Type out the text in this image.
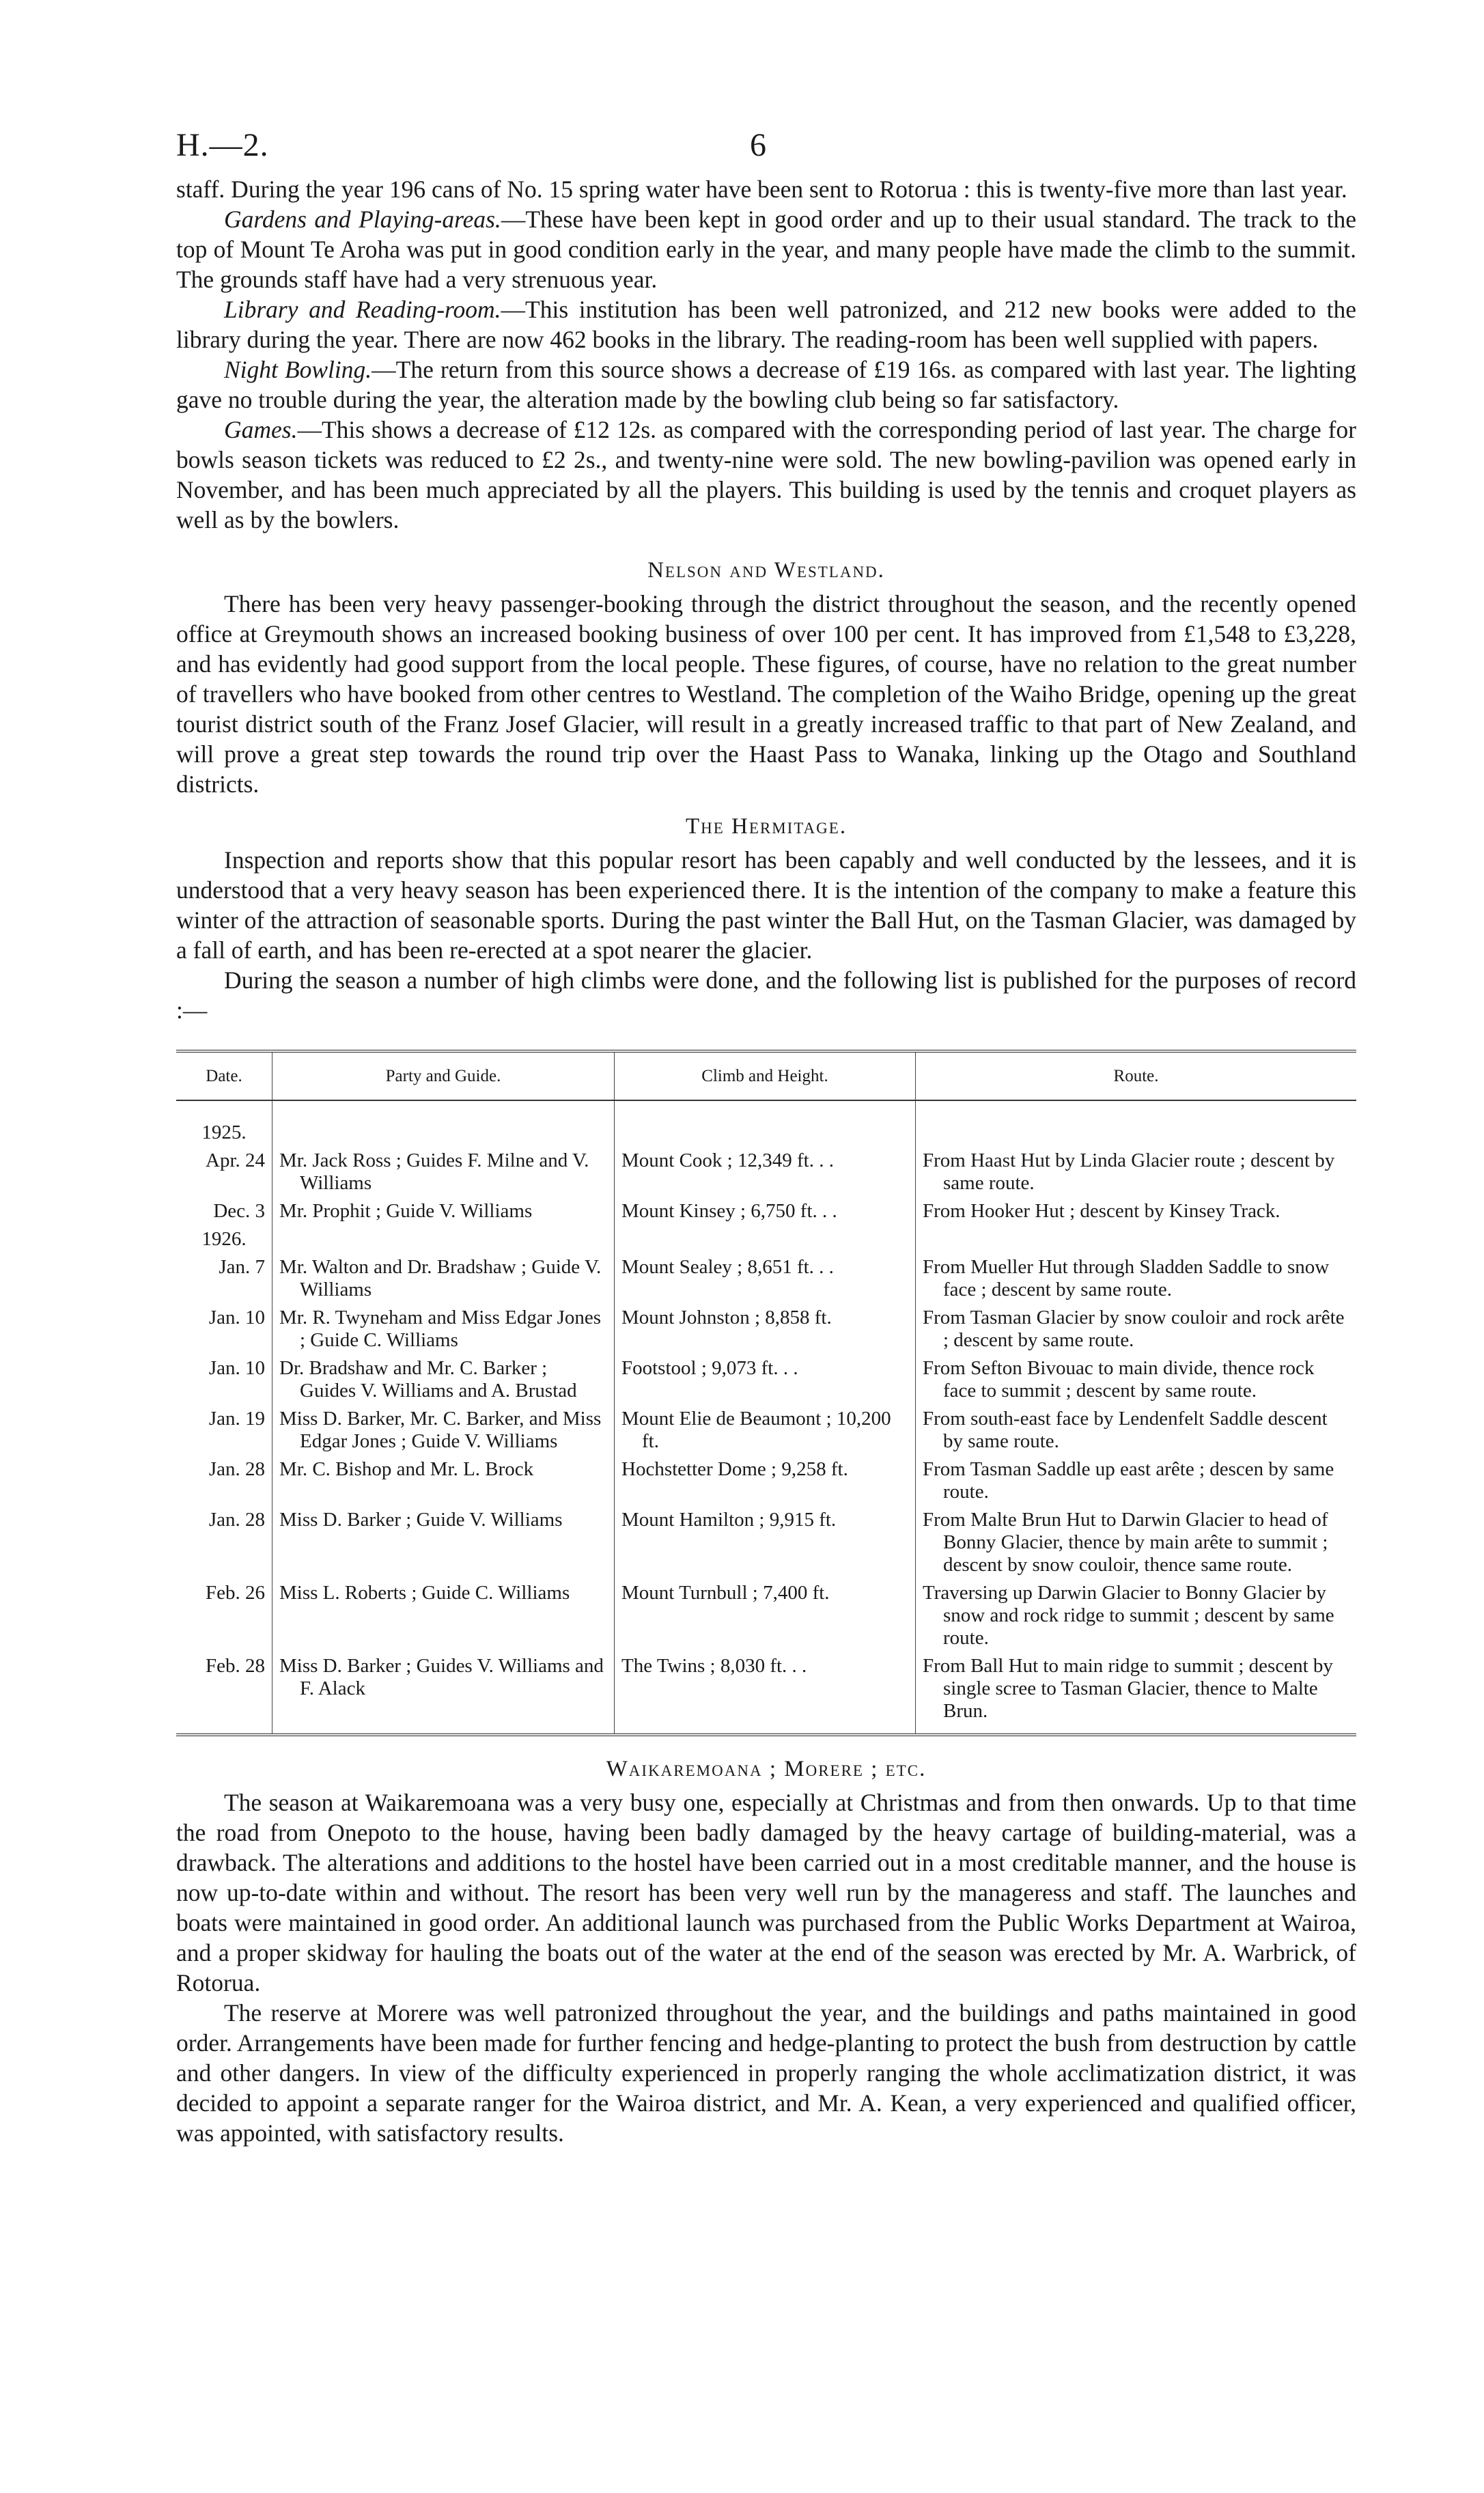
H.—2.	6

staff. During the year 196 cans of No. 15 spring water have been sent to Rotorua : this is twenty-five more than last year.

Gardens and Playing-areas.—These have been kept in good order and up to their usual standard. The track to the top of Mount Te Aroha was put in good condition early in the year, and many people have made the climb to the summit. The grounds staff have had a very strenuous year.

Library and Reading-room.—This institution has been well patronized, and 212 new books were added to the library during the year. There are now 462 books in the library. The reading-room has been well supplied with papers.

Night Bowling.—The return from this source shows a decrease of £19 16s. as compared with last year. The lighting gave no trouble during the year, the alteration made by the bowling club being so far satisfactory.

Games.—This shows a decrease of £12 12s. as compared with the corresponding period of last year. The charge for bowls season tickets was reduced to £2 2s., and twenty-nine were sold. The new bowling-pavilion was opened early in November, and has been much appreciated by all the players. This building is used by the tennis and croquet players as well as by the bowlers.

Nelson and Westland.

There has been very heavy passenger-booking through the district throughout the season, and the recently opened office at Greymouth shows an increased booking business of over 100 per cent. It has improved from £1,548 to £3,228, and has evidently had good support from the local people. These figures, of course, have no relation to the great number of travellers who have booked from other centres to Westland. The completion of the Waiho Bridge, opening up the great tourist district south of the Franz Josef Glacier, will result in a greatly increased traffic to that part of New Zealand, and will prove a great step towards the round trip over the Haast Pass to Wanaka, linking up the Otago and Southland districts.

The Hermitage.

Inspection and reports show that this popular resort has been capably and well conducted by the lessees, and it is understood that a very heavy season has been experienced there. It is the intention of the company to make a feature this winter of the attraction of seasonable sports. During the past winter the Ball Hut, on the Tasman Glacier, was damaged by a fall of earth, and has been re-erected at a spot nearer the glacier.

During the season a number of high climbs were done, and the following list is published for the purposes of record :—

Date.	Party and Guide.	Climb and Height.	Route.

1925.			

Apr. 24	Mr. Jack Ross ; Guides F. Milne and V. Williams	Mount Cook ; 12,349 ft. . .	From Haast Hut by Linda Glacier route ; descent by same route.

Dec. 3	Mr. Prophit ; Guide V. Williams	Mount Kinsey ; 6,750 ft. . .	From Hooker Hut ; descent by Kinsey Track.

1926.			

Jan. 7	Mr. Walton and Dr. Bradshaw ; Guide V. Williams	Mount Sealey ; 8,651 ft. . .	From Mueller Hut through Sladden Saddle to snow face ; descent by same route.

Jan. 10	Mr. R. Twyneham and Miss Edgar Jones ; Guide C. Williams	Mount Johnston ; 8,858 ft.	From Tasman Glacier by snow couloir and rock arête ; descent by same route.

Jan. 10	Dr. Bradshaw and Mr. C. Barker ; Guides V. Williams and A. Brustad	Footstool ; 9,073 ft. . .	From Sefton Bivouac to main divide, thence rock face to summit ; descent by same route.

Jan. 19	Miss D. Barker, Mr. C. Barker, and Miss Edgar Jones ; Guide V. Williams	Mount Elie de Beaumont ; 10,200 ft.	From south-east face by Lendenfelt Saddle descent by same route.

Jan. 28	Mr. C. Bishop and Mr. L. Brock	Hochstetter Dome ; 9,258 ft.	From Tasman Saddle up east arête ; descen by same route.

Jan. 28	Miss D. Barker ; Guide V. Williams	Mount Hamilton ; 9,915 ft.	From Malte Brun Hut to Darwin Glacier to head of Bonny Glacier, thence by main arête to summit ; descent by snow couloir, thence same route.

Feb. 26	Miss L. Roberts ; Guide C. Williams	Mount Turnbull ; 7,400 ft.	Traversing up Darwin Glacier to Bonny Glacier by snow and rock ridge to summit ; descent by same route.

Feb. 28	Miss D. Barker ; Guides V. Williams and F. Alack	The Twins ; 8,030 ft. . .	From Ball Hut to main ridge to summit ; descent by single scree to Tasman Glacier, thence to Malte Brun.
Waikaremoana ; Morere ; etc.

The season at Waikaremoana was a very busy one, especially at Christmas and from then onwards. Up to that time the road from Onepoto to the house, having been badly damaged by the heavy cartage of building-material, was a drawback. The alterations and additions to the hostel have been carried out in a most creditable manner, and the house is now up-to-date within and without. The resort has been very well run by the manageress and staff. The launches and boats were maintained in good order. An additional launch was purchased from the Public Works Department at Wairoa, and a proper skidway for hauling the boats out of the water at the end of the season was erected by Mr. A. Warbrick, of Rotorua.

The reserve at Morere was well patronized throughout the year, and the buildings and paths maintained in good order. Arrangements have been made for further fencing and hedge-planting to protect the bush from destruction by cattle and other dangers. In view of the difficulty experienced in properly ranging the whole acclimatization district, it was decided to appoint a separate ranger for the Wairoa district, and Mr. A. Kean, a very experienced and qualified officer, was appointed, with satisfactory results.
